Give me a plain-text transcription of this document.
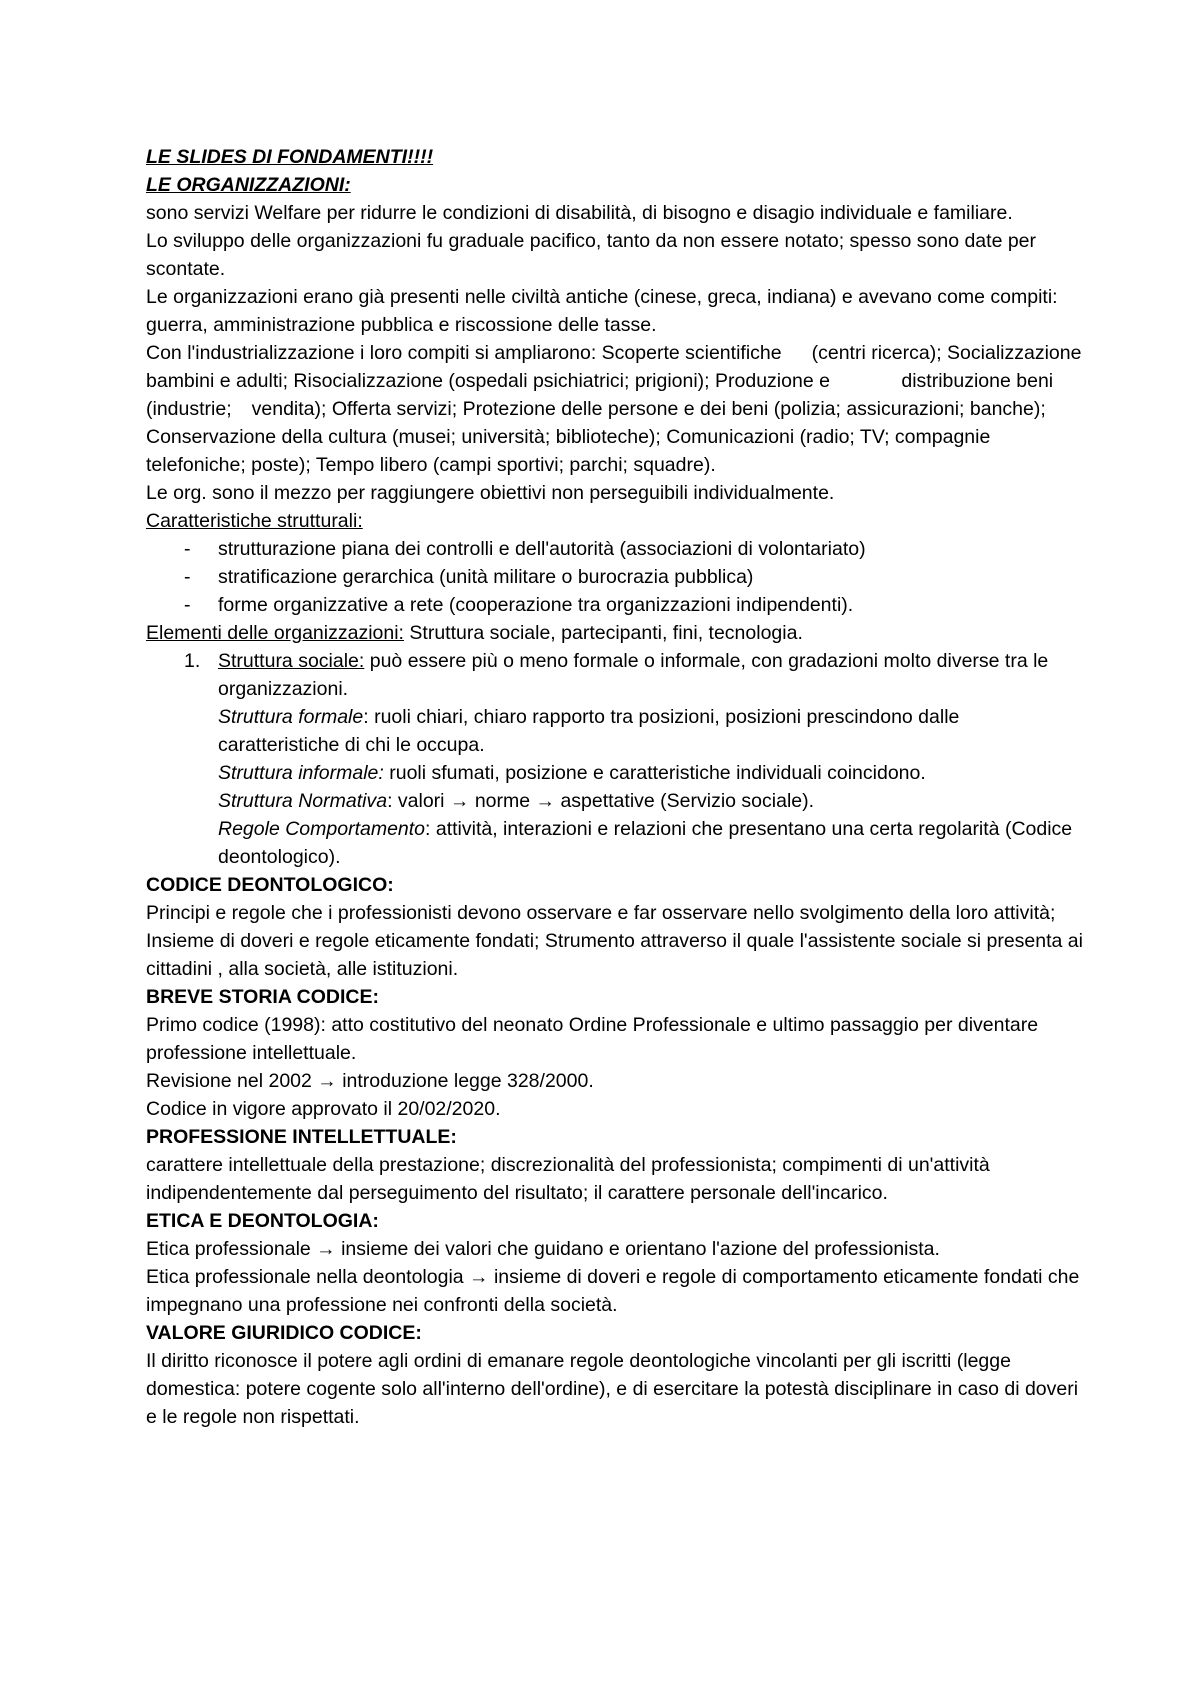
LE SLIDES DI FONDAMENTI!!!!

LE ORGANIZZAZIONI:

sono servizi Welfare per ridurre le condizioni di disabilità, di bisogno e disagio individuale e familiare.

Lo sviluppo delle organizzazioni fu graduale pacifico, tanto da non essere notato; spesso sono date per scontate.

Le organizzazioni erano già presenti nelle civiltà antiche (cinese, greca, indiana) e avevano come compiti: guerra, amministrazione pubblica e riscossione delle tasse.

Con l'industrializzazione i loro compiti si ampliarono: Scoperte scientifiche (centri ricerca); Socializzazione bambini e adulti; Risocializzazione (ospedali psichiatrici; prigioni); Produzione e	distribuzione beni (industrie; vendita); Offerta servizi; Protezione delle persone e dei beni (polizia; assicurazioni; banche); Conservazione della cultura (musei; università; biblioteche); Comunicazioni (radio; TV; compagnie telefoniche; poste); Tempo libero (campi sportivi; parchi; squadre).

Le org. sono il mezzo per raggiungere obiettivi non perseguibili individualmente.

Caratteristiche strutturali:

- strutturazione piana dei controlli e dell'autorità (associazioni di volontariato)
- stratificazione gerarchica (unità militare o burocrazia pubblica)
- forme organizzative a rete (cooperazione tra organizzazioni indipendenti).

Elementi delle organizzazioni: Struttura sociale, partecipanti, fini, tecnologia.

1. Struttura sociale: può essere più o meno formale o informale, con gradazioni molto diverse tra le organizzazioni.

Struttura formale: ruoli chiari, chiaro rapporto tra posizioni, posizioni prescindono dalle caratteristiche di chi le occupa.

Struttura informale: ruoli sfumati, posizione e caratteristiche individuali coincidono.

Struttura Normativa: valori → norme → aspettative (Servizio sociale).

Regole Comportamento: attività, interazioni e relazioni che presentano una certa regolarità (Codice deontologico).

CODICE DEONTOLOGICO:

Principi e regole che i professionisti devono osservare e far osservare nello svolgimento della loro attività; Insieme di doveri e regole eticamente fondati; Strumento attraverso il quale l'assistente sociale si presenta ai cittadini , alla società, alle istituzioni.

BREVE STORIA CODICE:

Primo codice (1998): atto costitutivo del neonato Ordine Professionale e ultimo passaggio per diventare professione intellettuale.

Revisione nel 2002 → introduzione legge 328/2000.

Codice in vigore approvato il 20/02/2020.

PROFESSIONE INTELLETTUALE:

carattere intellettuale della prestazione; discrezionalità del professionista; compimenti di un'attività indipendentemente dal perseguimento del risultato; il carattere personale dell'incarico.

ETICA E DEONTOLOGIA:

Etica professionale → insieme dei valori che guidano e orientano l'azione del professionista.

Etica professionale nella deontologia → insieme di doveri e regole di comportamento eticamente fondati che impegnano una professione nei confronti della società.

VALORE GIURIDICO CODICE:

Il diritto riconosce il potere agli ordini di emanare regole deontologiche vincolanti per gli iscritti (legge domestica: potere cogente solo all'interno dell'ordine), e di esercitare la potestà disciplinare in caso di doveri e le regole non rispettati.
